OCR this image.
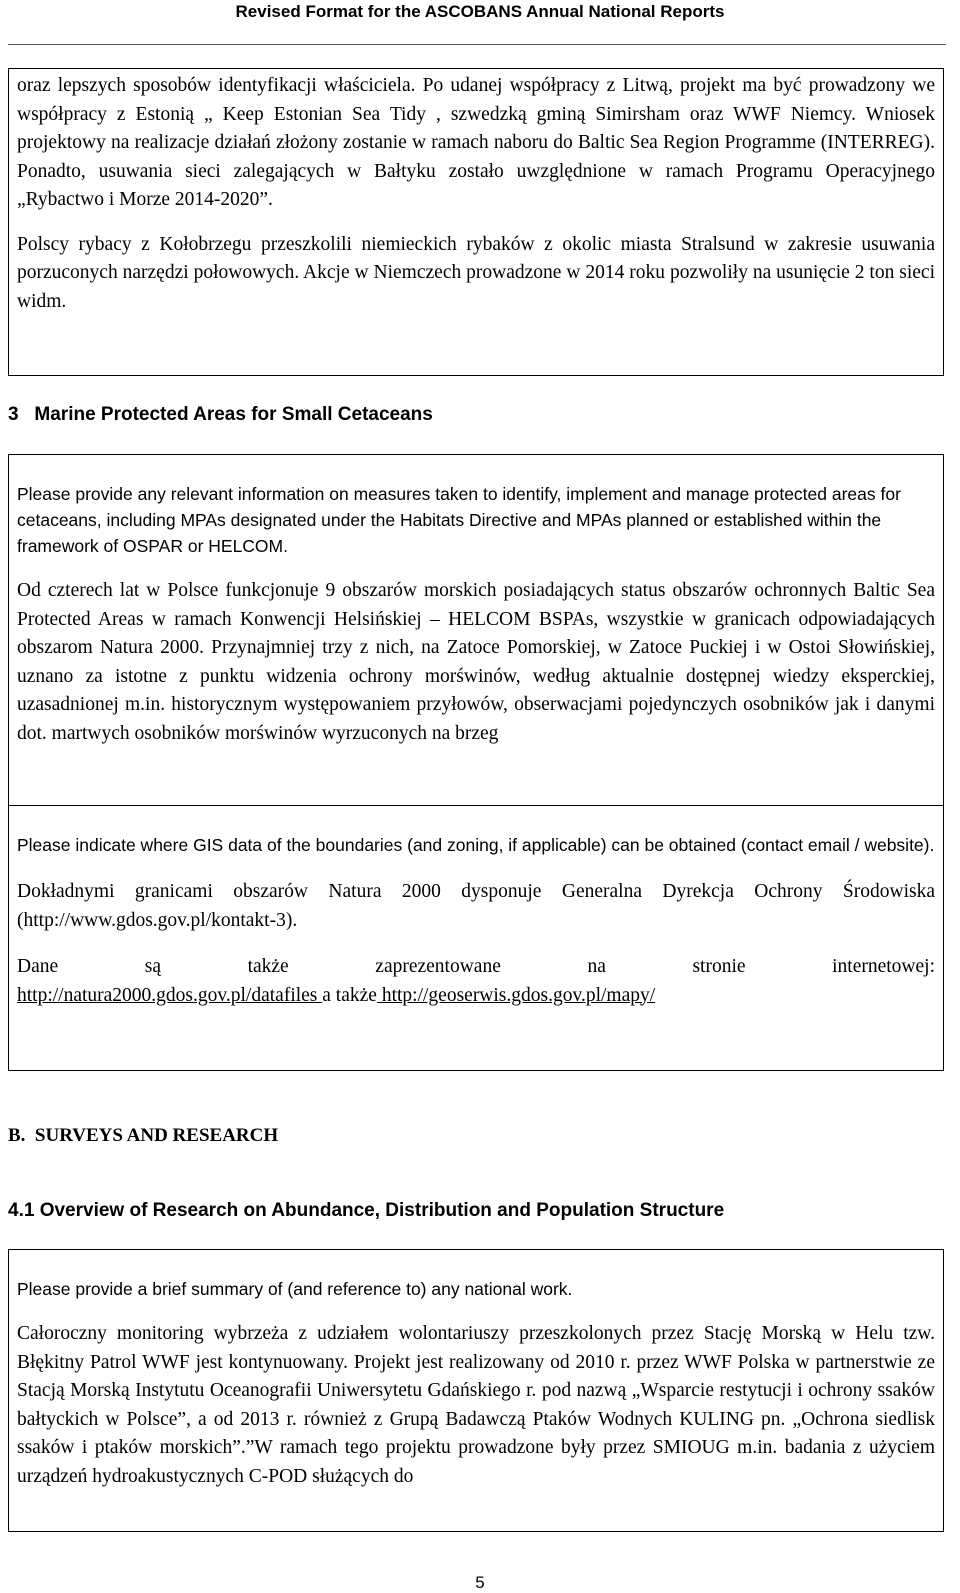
Revised Format for the ASCOBANS Annual National Reports

oraz lepszych sposobów identyfikacji właściciela. Po udanej współpracy z Litwą, projekt ma być prowadzony we współpracy z Estonią „ Keep Estonian Sea Tidy , szwedzką gminą Simirsham oraz WWF Niemcy. Wniosek projektowy na realizacje działań złożony zostanie w ramach naboru do Baltic Sea Region Programme (INTERREG). Ponadto, usuwania sieci zalegających w Bałtyku zostało uwzględnione w ramach Programu Operacyjnego „Rybactwo i Morze 2014-2020”.

Polscy rybacy z Kołobrzegu przeszkolili niemieckich rybaków z okolic miasta Stralsund w zakresie usuwania porzuconych narzędzi połowowych. Akcje w Niemczech prowadzone w 2014 roku pozwoliły na usunięcie 2 ton sieci widm.

3   Marine Protected Areas for Small Cetaceans

Please provide any relevant information on measures taken to identify, implement and manage protected areas for cetaceans, including MPAs designated under the Habitats Directive and MPAs planned or established within the framework of OSPAR or HELCOM.

Od czterech lat w Polsce funkcjonuje 9 obszarów morskich posiadających status obszarów ochronnych Baltic Sea Protected Areas w ramach Konwencji Helsińskiej – HELCOM BSPAs, wszystkie w granicach odpowiadających obszarom Natura 2000. Przynajmniej trzy z nich, na Zatoce Pomorskiej, w Zatoce Puckiej i w Ostoi Słowińskiej, uznano za istotne z punktu widzenia ochrony morświnów, według aktualnie dostępnej wiedzy eksperckiej, uzasadnionej m.in. historycznym występowaniem przyłowów, obserwacjami pojedynczych osobników jak i danymi dot. martwych osobników morświnów wyrzuconych na brzeg

Please indicate where GIS data of the boundaries (and zoning, if applicable) can be obtained (contact email / website).

Dokładnymi granicami obszarów Natura 2000 dysponuje Generalna Dyrekcja Ochrony Środowiska (http://www.gdos.gov.pl/kontakt-3).

Dane są także zaprezentowane na stronie internetowej:

http://natura2000.gdos.gov.pl/datafiles a także http://geoserwis.gdos.gov.pl/mapy/

B.  SURVEYS AND RESEARCH
4.1 Overview of Research on Abundance, Distribution and Population Structure

Please provide a brief summary of (and reference to) any national work.

Całoroczny monitoring wybrzeża z udziałem wolontariuszy przeszkolonych przez Stację Morską w Helu tzw. Błękitny Patrol WWF jest kontynuowany. Projekt jest realizowany od 2010 r. przez WWF Polska w partnerstwie ze Stacją Morską Instytutu Oceanografii Uniwersytetu Gdańskiego r. pod nazwą „Wsparcie restytucji i ochrony ssaków bałtyckich w Polsce”, a od 2013 r. również z Grupą Badawczą Ptaków Wodnych KULING pn. „Ochrona siedlisk ssaków i ptaków morskich”.”W ramach tego projektu prowadzone były przez SMIOUG m.in. badania z użyciem urządzeń hydroakustycznych C-POD służących do

5
